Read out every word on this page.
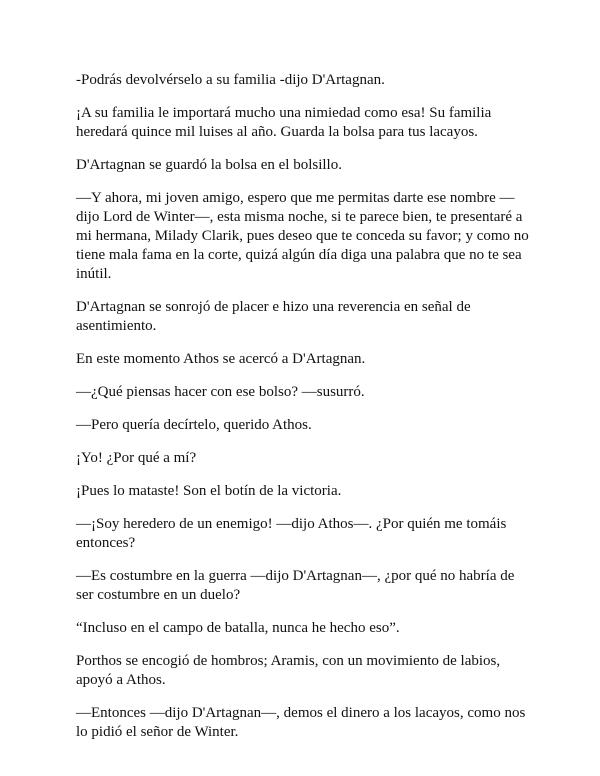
-Podrás devolvérselo a su familia -dijo D'Artagnan.

¡A su familia le importará mucho una nimiedad como esa! Su familia
heredará quince mil luises al año. Guarda la bolsa para tus lacayos.

D'Artagnan se guardó la bolsa en el bolsillo.

—Y ahora, mi joven amigo, espero que me permitas darte ese nombre —
dijo Lord de Winter—, esta misma noche, si te parece bien, te presentaré a
mi hermana, Milady Clarik, pues deseo que te conceda su favor; y como no
tiene mala fama en la corte, quizá algún día diga una palabra que no te sea
inútil.

D'Artagnan se sonrojó de placer e hizo una reverencia en señal de
asentimiento.

En este momento Athos se acercó a D'Artagnan.

—¿Qué piensas hacer con ese bolso? —susurró.

—Pero quería decírtelo, querido Athos.

¡Yo! ¿Por qué a mí?

¡Pues lo mataste! Son el botín de la victoria.

—¡Soy heredero de un enemigo! —dijo Athos—. ¿Por quién me tomáis
entonces?

—Es costumbre en la guerra —dijo D'Artagnan—, ¿por qué no habría de
ser costumbre en un duelo?

“Incluso en el campo de batalla, nunca he hecho eso”.

Porthos se encogió de hombros; Aramis, con un movimiento de labios,
apoyó a Athos.

—Entonces —dijo D'Artagnan—, demos el dinero a los lacayos, como nos
lo pidió el señor de Winter.
